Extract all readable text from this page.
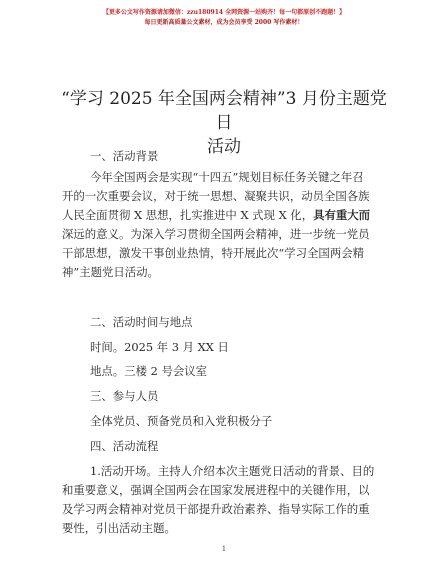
【更多公文写作资源请加微信：zzu180914 全网资源一站购齐！每一句都原创不跑题！】
每日更新高质量公文素材，成为会员享受 2000 写作素材！
“学习 2025 年全国两会精神”3 月份主题党日
活动
一、活动背景
今年全国两会是实现“十四五”规划目标任务关键之年召
开的一次重要会议，对于统一思想、凝聚共识，动员全国各族
人民全面贯彻 X 思想，扎实推进中 X 式现 X 化，具有重大而
深远的意义。为深入学习贯彻全国两会精神，进一步统一党员
干部思想，激发干事创业热情，特开展此次“学习全国两会精
神”主题党日活动。
二、活动时间与地点
时间。2025 年 3 月 XX 日
地点。三楼 2 号会议室
三、参与人员
全体党员、预备党员和入党积极分子
四、活动流程
1.活动开场。主持人介绍本次主题党日活动的背景、目的
和重要意义，强调全国两会在国家发展进程中的关键作用，以
及学习两会精神对党员干部提升政治素养、指导实际工作的重
要性，引出活动主题。
1
